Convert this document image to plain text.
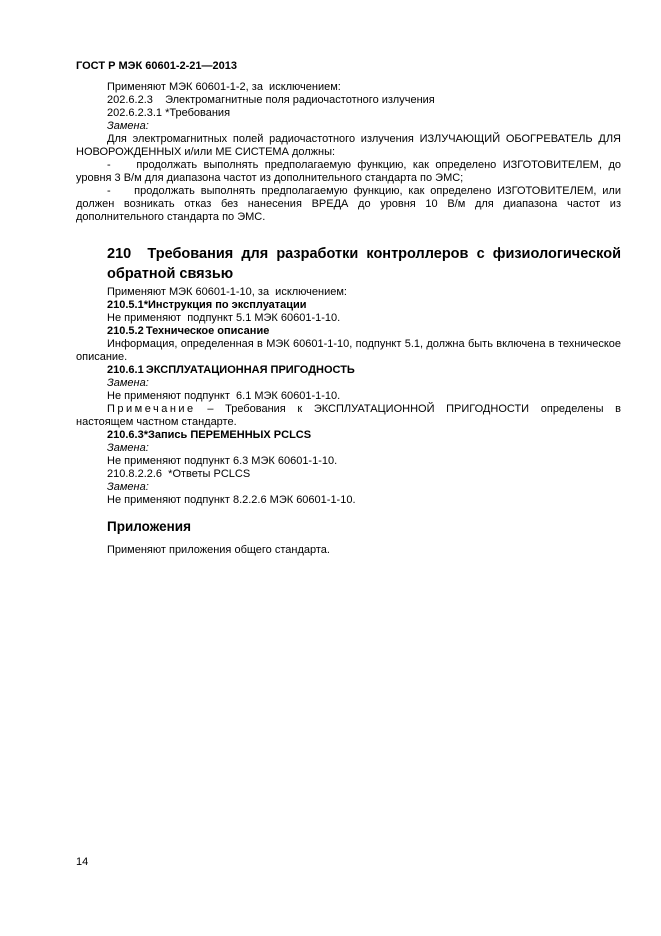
ГОСТ Р МЭК 60601-2-21—2013

Применяют МЭК 60601-1-2, за  исключением:

202.6.2.3    Электромагнитные поля радиочастотного излучения

202.6.2.3.1 *Требования

Замена:

Для электромагнитных полей радиочастотного излучения ИЗЛУЧАЮЩИЙ ОБОГРЕВАТЕЛЬ ДЛЯ НОВОРОЖДЕННЫХ и/или МЕ СИСТЕМА должны:

-    продолжать выполнять предполагаемую функцию, как определено ИЗГОТОВИТЕЛЕМ, до уровня 3 В/м для диапазона частот из дополнительного стандарта по ЭМС;

-    продолжать выполнять предполагаемую функцию, как определено ИЗГОТОВИТЕЛЕМ, или должен возникать отказ без нанесения ВРЕДА до уровня 10 В/м для диапазона частот из дополнительного стандарта по ЭМС.

210  Требования для разработки контроллеров с физиологической обратной связью

Применяют МЭК 60601-1-10, за  исключением:

210.5.1*Инструкция по эксплуатации

Не применяют  подпункт 5.1 МЭК 60601-1-10.

210.5.2 Техническое описание

Информация, определенная в МЭК 60601-1-10, подпункт 5.1, должна быть включена в техническое описание.

210.6.1 ЭКСПЛУАТАЦИОННАЯ ПРИГОДНОСТЬ

Замена:

Не применяют подпункт  6.1 МЭК 60601-1-10.

Примечание – Требования к ЭКСПЛУАТАЦИОННОЙ ПРИГОДНОСТИ определены в настоящем частном стандарте.

210.6.3*Запись ПЕРЕМЕННЫХ PCLCS

Замена:

Не применяют подпункт 6.3 МЭК 60601-1-10.

210.8.2.2.6  *Ответы PCLCS

Замена:

Не применяют подпункт 8.2.2.6 МЭК 60601-1-10.

Приложения

Применяют приложения общего стандарта.

14
